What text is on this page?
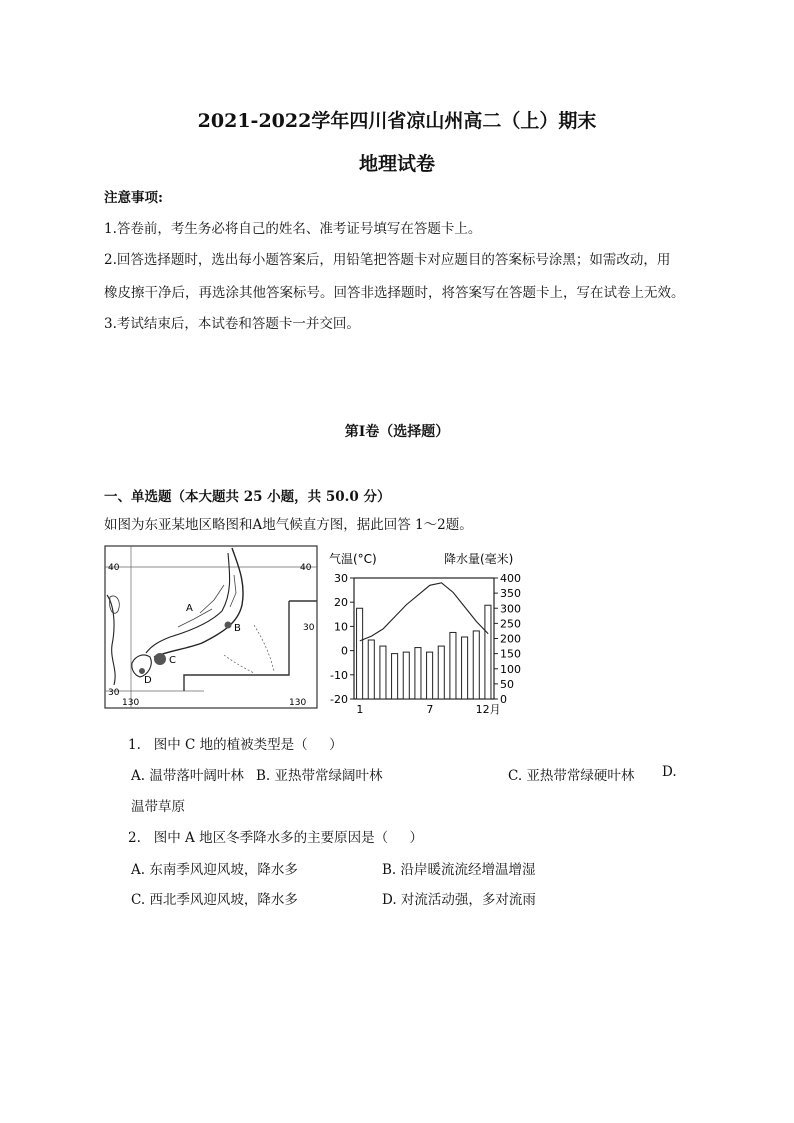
2021-2022学年四川省凉山州高二（上）期末
地理试卷
注意事项:
1.答卷前，考生务必将自己的姓名、准考证号填写在答题卡上。
2.回答选择题时，选出每小题答案后，用铅笔把答题卡对应题目的答案标号涂黑；如需改动，用
橡皮擦干净后，再选涂其他答案标号。回答非选择题时，将答案写在答题卡上，写在试卷上无效。
3.考试结束后，本试卷和答题卡一并交回。
第Ⅰ卷（选择题）
一、单选题（本大题共 25 小题，共 50.0 分）
如图为东亚某地区略图和A地气候直方图，据此回答 1～2题。
40	40
30
30
130	130
A
B
C
D
气温(°C)	降水量(毫米)
30
20
10
0
-10
-20
400
350
300
250
200
150
100
50
0
1	7	12月
1.   图中 C 地的植被类型是（     ）
A. 温带落叶阔叶林 B. 亚热带常绿阔叶林	C. 亚热带常绿硬叶林 D.
温带草原
2.   图中 A 地区冬季降水多的主要原因是（     ）
A. 东南季风迎风坡，降水多	B. 沿岸暖流流经增温增湿
C. 西北季风迎风坡，降水多	D. 对流活动强，多对流雨
